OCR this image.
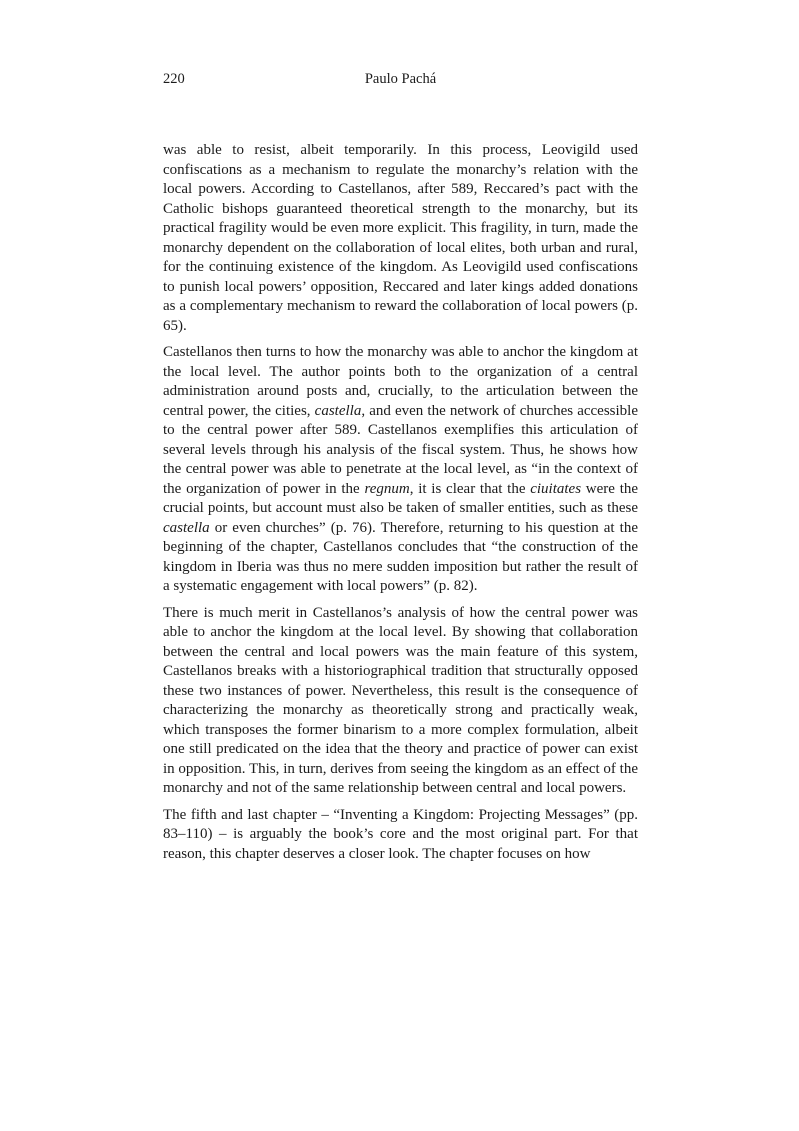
220	Paulo Pachá

was able to resist, albeit temporarily. In this process, Leovigild used confiscations as a mechanism to regulate the monarchy’s relation with the local powers. According to Castellanos, after 589, Reccared’s pact with the Catholic bishops guaranteed theoretical strength to the monarchy, but its practical fragility would be even more explicit. This fragility, in turn, made the monarchy dependent on the collaboration of local elites, both urban and rural, for the continuing existence of the kingdom. As Leovigild used confiscations to punish local powers’ opposition, Reccared and later kings added donations as a complementary mechanism to reward the collaboration of local powers (p. 65).

Castellanos then turns to how the monarchy was able to anchor the kingdom at the local level. The author points both to the organization of a central administration around posts and, crucially, to the articulation between the central power, the cities, castella, and even the network of churches accessible to the central power after 589. Castellanos exemplifies this articulation of several levels through his analysis of the fiscal system. Thus, he shows how the central power was able to penetrate at the local level, as “in the context of the organization of power in the regnum, it is clear that the ciuitates were the crucial points, but account must also be taken of smaller entities, such as these castella or even churches” (p. 76). Therefore, returning to his question at the beginning of the chapter, Castellanos concludes that “the construction of the kingdom in Iberia was thus no mere sudden imposition but rather the result of a systematic engagement with local powers” (p. 82).

There is much merit in Castellanos’s analysis of how the central power was able to anchor the kingdom at the local level. By showing that collaboration between the central and local powers was the main feature of this system, Castellanos breaks with a historiographical tradition that structurally opposed these two instances of power. Nevertheless, this result is the consequence of characterizing the monarchy as theoretically strong and practically weak, which transposes the former binarism to a more complex formulation, albeit one still predicated on the idea that the theory and practice of power can exist in opposition. This, in turn, derives from seeing the kingdom as an effect of the monarchy and not of the same relationship between central and local powers.

The fifth and last chapter – “Inventing a Kingdom: Projecting Messages” (pp. 83–110) – is arguably the book’s core and the most original part. For that reason, this chapter deserves a closer look. The chapter focuses on how
